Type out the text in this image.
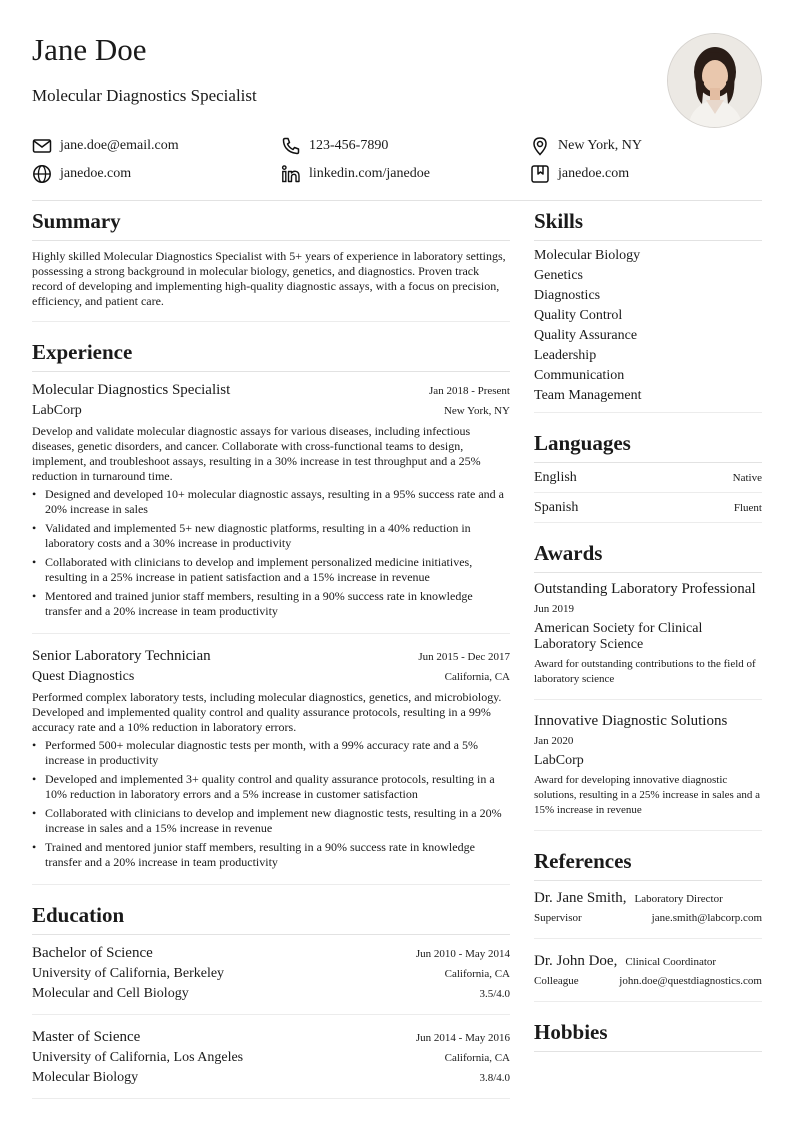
Jane Doe
Molecular Diagnostics Specialist
jane.doe@email.com	123-456-7890	New York, NY
janedoe.com	linkedin.com/janedoe	janedoe.com
Summary
Highly skilled Molecular Diagnostics Specialist with 5+ years of experience in laboratory settings, possessing a strong background in molecular biology, genetics, and diagnostics. Proven track record of developing and implementing high-quality diagnostic assays, with a focus on precision, efficiency, and patient care.
Experience
Molecular Diagnostics Specialist	Jan 2018 - Present
LabCorp	New York, NY
Develop and validate molecular diagnostic assays for various diseases, including infectious diseases, genetic disorders, and cancer. Collaborate with cross-functional teams to design, implement, and troubleshoot assays, resulting in a 30% increase in test throughput and a 25% reduction in turnaround time.
• Designed and developed 10+ molecular diagnostic assays, resulting in a 95% success rate and a 20% increase in sales
• Validated and implemented 5+ new diagnostic platforms, resulting in a 40% reduction in laboratory costs and a 30% increase in productivity
• Collaborated with clinicians to develop and implement personalized medicine initiatives, resulting in a 25% increase in patient satisfaction and a 15% increase in revenue
• Mentored and trained junior staff members, resulting in a 90% success rate in knowledge transfer and a 20% increase in team productivity
Senior Laboratory Technician	Jun 2015 - Dec 2017
Quest Diagnostics	California, CA
Performed complex laboratory tests, including molecular diagnostics, genetics, and microbiology. Developed and implemented quality control and quality assurance protocols, resulting in a 99% accuracy rate and a 10% reduction in laboratory errors.
• Performed 500+ molecular diagnostic tests per month, with a 99% accuracy rate and a 5% increase in productivity
• Developed and implemented 3+ quality control and quality assurance protocols, resulting in a 10% reduction in laboratory errors and a 5% increase in customer satisfaction
• Collaborated with clinicians to develop and implement new diagnostic tests, resulting in a 20% increase in sales and a 15% increase in revenue
• Trained and mentored junior staff members, resulting in a 90% success rate in knowledge transfer and a 20% increase in team productivity
Education
Bachelor of Science	Jun 2010 - May 2014
University of California, Berkeley	California, CA
Molecular and Cell Biology	3.5/4.0
Master of Science	Jun 2014 - May 2016
University of California, Los Angeles	California, CA
Molecular Biology	3.8/4.0
Skills
Molecular Biology
Genetics
Diagnostics
Quality Control
Quality Assurance
Leadership
Communication
Team Management
Languages
English	Native
Spanish	Fluent
Awards
Outstanding Laboratory Professional
Jun 2019
American Society for Clinical Laboratory Science
Award for outstanding contributions to the field of laboratory science
Innovative Diagnostic Solutions
Jan 2020
LabCorp
Award for developing innovative diagnostic solutions, resulting in a 25% increase in sales and a 15% increase in revenue
References
Dr. Jane Smith, Laboratory Director
Supervisor	jane.smith@labcorp.com
Dr. John Doe, Clinical Coordinator
Colleague	john.doe@questdiagnostics.com
Hobbies
